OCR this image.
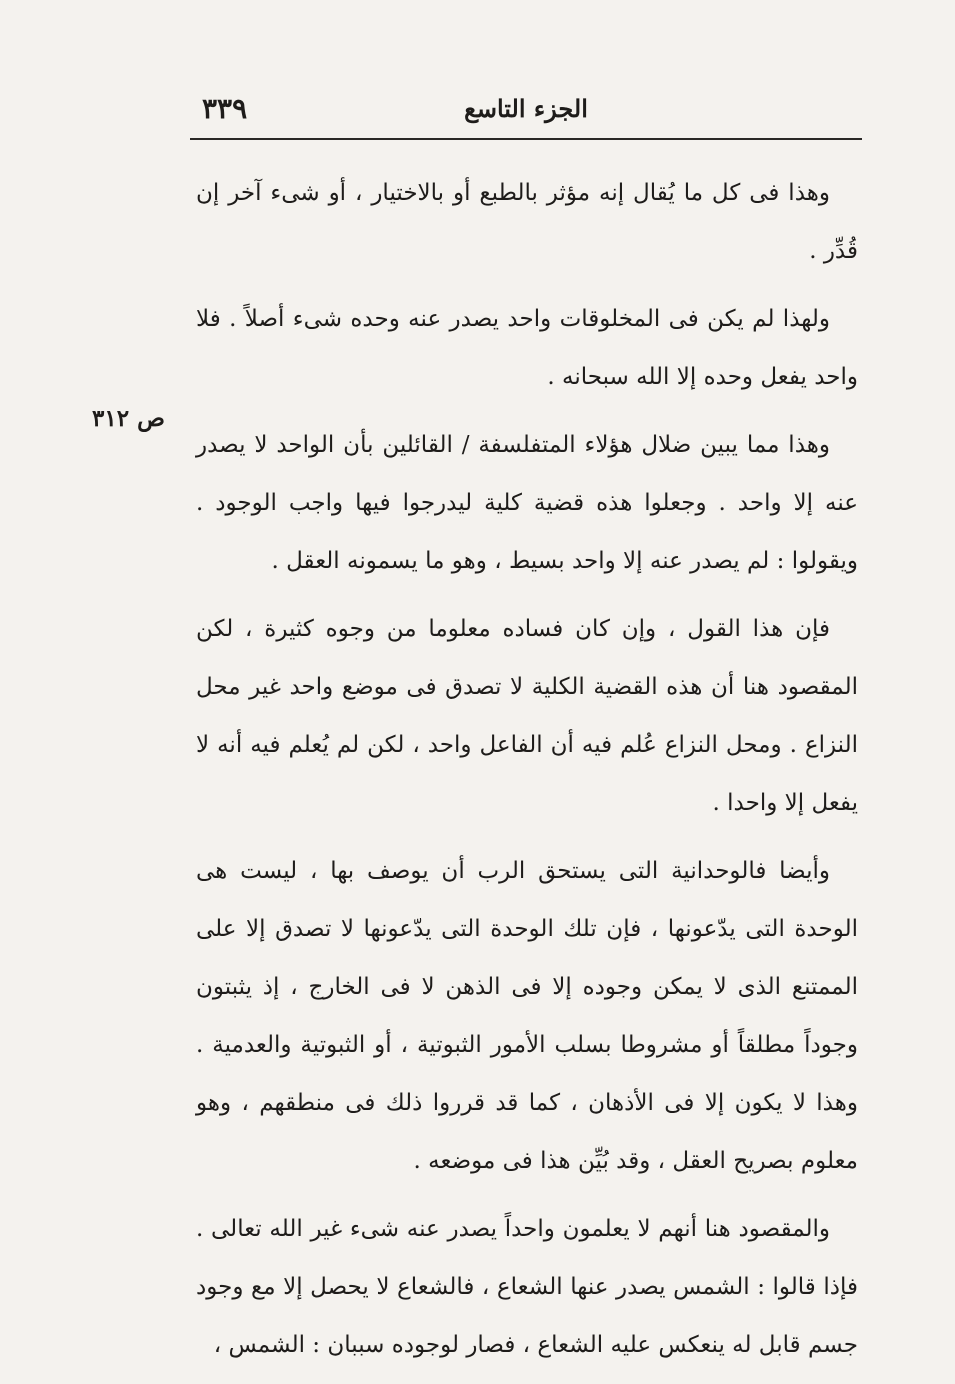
٣٣٩	الجزء التاسع
ص ٣١٢

وهذا فى كل ما يُقال إنه مؤثر بالطبع أو بالاختيار ، أو شىء آخر إن قُدِّر .

ولهذا لم يكن فى المخلوقات واحد يصدر عنه وحده شىء أصلاً . فلا واحد يفعل وحده إلا الله سبحانه .

وهذا مما يبين ضلال هؤلاء المتفلسفة / القائلين بأن الواحد لا يصدر عنه إلا واحد . وجعلوا هذه قضية كلية ليدرجوا فيها واجب الوجود . ويقولوا : لم يصدر عنه إلا واحد بسيط ، وهو ما يسمونه العقل .

فإن هذا القول ، وإن كان فساده معلوما من وجوه كثيرة ، لكن المقصود هنا أن هذه القضية الكلية لا تصدق فى موضع واحد غير محل النزاع . ومحل النزاع عُلم فيه أن الفاعل واحد ، لكن لم يُعلم فيه أنه لا يفعل إلا واحدا .

وأيضا فالوحدانية التى يستحق الرب أن يوصف بها ، ليست هى الوحدة التى يدّعونها ، فإن تلك الوحدة التى يدّعونها لا تصدق إلا على الممتنع الذى لا يمكن وجوده إلا فى الذهن لا فى الخارج ، إذ يثبتون وجوداً مطلقاً أو مشروطا بسلب الأمور الثبوتية ، أو الثبوتية والعدمية . وهذا لا يكون إلا فى الأذهان ، كما قد قرروا ذلك فى منطقهم ، وهو معلوم بصريح العقل ، وقد بُيِّن هذا فى موضعه .

والمقصود هنا أنهم لا يعلمون واحداً يصدر عنه شىء غير الله تعالى . فإذا قالوا : الشمس يصدر عنها الشعاع ، فالشعاع لا يحصل إلا مع وجود جسم قابل له ينعكس عليه الشعاع ، فصار لوجوده سببان : الشمس ،
